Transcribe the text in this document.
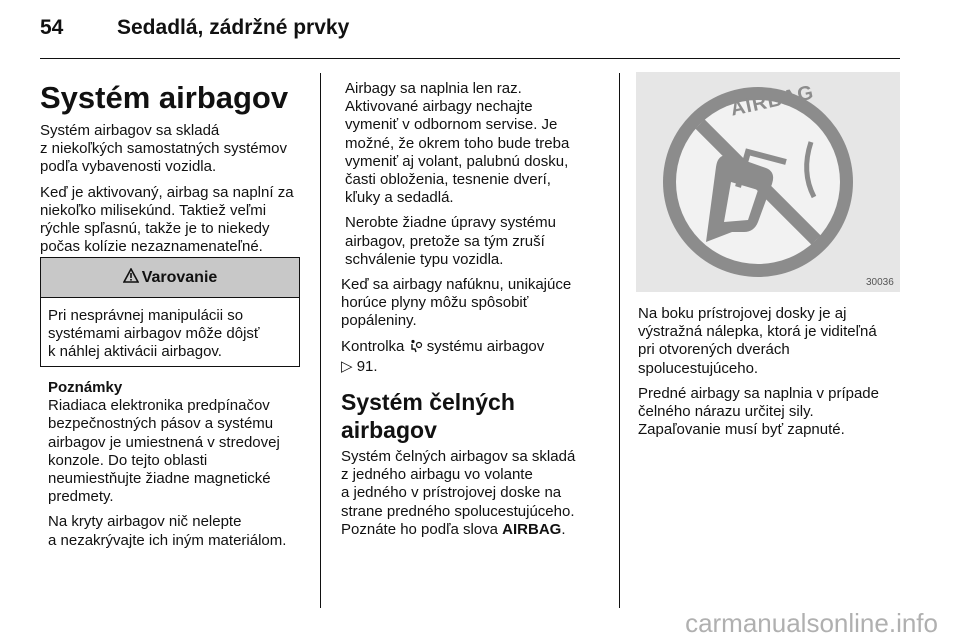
54	Sedadlá, zádržné prvky
Systém airbagov

Systém airbagov sa skladá
z niekoľkých samostatných systémov
podľa vybavenosti vozidla.

Keď je aktivovaný, airbag sa naplní za
niekoľko milisekúnd. Taktiež veľmi
rýchle spľasnú, takže je to niekedy
počas kolízie nezaznamenateľné.

Varovanie
Pri nesprávnej manipulácii so
systémami airbagov môže dôjsť
k náhlej aktivácii airbagov.
Poznámky

Riadiaca elektronika predpínačov
bezpečnostných pásov a systému
airbagov je umiestnená v stredovej
konzole. Do tejto oblasti
neumiestňujte žiadne magnetické
predmety.

Na kryty airbagov nič nelepte
a nezakrývajte ich iným materiálom.

Airbagy sa naplnia len raz.
Aktivované airbagy nechajte
vymeniť v odbornom servise. Je
možné, že okrem toho bude treba
vymeniť aj volant, palubnú dosku,
časti obloženia, tesnenie dverí,
kľuky a sedadlá.

Nerobte žiadne úpravy systému
airbagov, pretože sa tým zruší
schválenie typu vozidla.

Keď sa airbagy nafúknu, unikajúce
horúce plyny môžu spôsobiť
popáleniny.

Kontrolka systému airbagov
▷ 91.

Systém čelných airbagov

Systém čelných airbagov sa skladá
z jedného airbagu vo volante
a jedného v prístrojovej doske na
strane predného spolucestujúceho.
Poznáte ho podľa slova AIRBAG.

AIRBAG
30036

Na boku prístrojovej dosky je aj
výstražná nálepka, ktorá je viditeľná
pri otvorených dverách
spolucestujúceho.

Predné airbagy sa naplnia v prípade
čelného nárazu určitej sily.
Zapaľovanie musí byť zapnuté.

carmanualsonline.info
